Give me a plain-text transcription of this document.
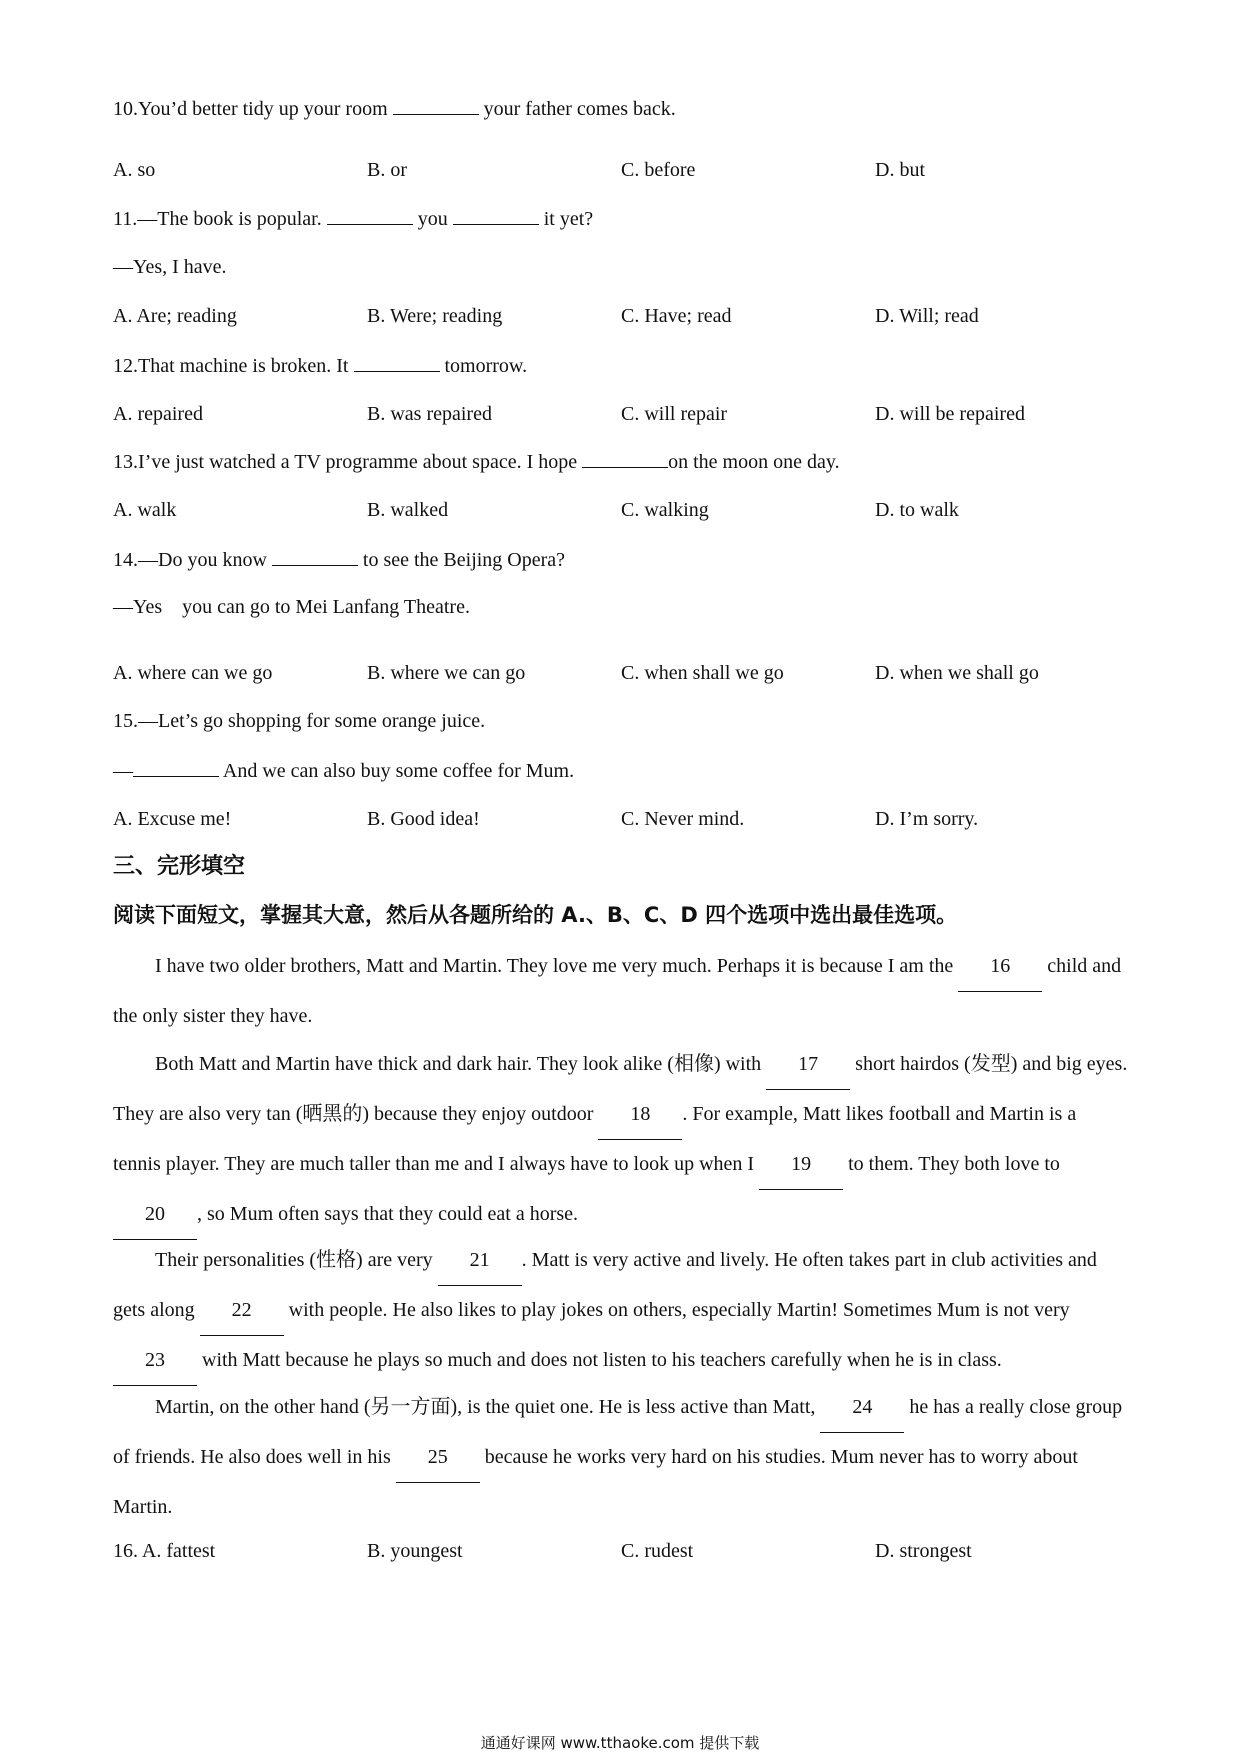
10.You’d better tidy up your room	your father comes back.
A. so	B. or	C. before	D. but
11.—The book is popular.	you	it yet?
—Yes, I have.
A. Are; reading	B. Were; reading	C. Have; read	D. Will; read
12.That machine is broken. It	tomorrow.
A. repaired	B. was repaired	C. will repair	D. will be repaired
13.I’ve just watched a TV programme about space. I hope	on the moon one day.
A. walk	B. walked	C. walking	D. to walk
14.—Do you know	to see the Beijing Opera?
—Yes    you can go to Mei Lanfang Theatre.
A. where can we go	B. where we can go	C. when shall we go	D. when we shall go
15.—Let’s go shopping for some orange juice.
—	And we can also buy some coffee for Mum.
A. Excuse me!	B. Good idea!	C. Never mind.	D. I’m sorry.
三、完形填空
阅读下面短文，掌握其大意，然后从各题所给的 A.、B、C、D 四个选项中选出最佳选项。
I have two older brothers, Matt and Martin. They love me very much. Perhaps it is because I am the 16 child and the only sister they have.
Both Matt and Martin have thick and dark hair. They look alike (相像) with 17 short hairdos (发型) and big eyes. They are also very tan (晒黑的) because they enjoy outdoor 18 . For example, Matt likes football and Martin is a tennis player. They are much taller than me and I always have to look up when I 19 to them. They both love to 20 , so Mum often says that they could eat a horse.
Their personalities (性格) are very 21 . Matt is very active and lively. He often takes part in club activities and gets along 22 with people. He also likes to play jokes on others, especially Martin! Sometimes Mum is not very 23 with Matt because he plays so much and does not listen to his teachers carefully when he is in class.
Martin, on the other hand (另一方面), is the quiet one. He is less active than Matt, 24 he has a really close group of friends. He also does well in his 25 because he works very hard on his studies. Mum never has to worry about Martin.
16. A. fattest	B. youngest	C. rudest	D. strongest
通通好课网 www.tthaoke.com 提供下载
